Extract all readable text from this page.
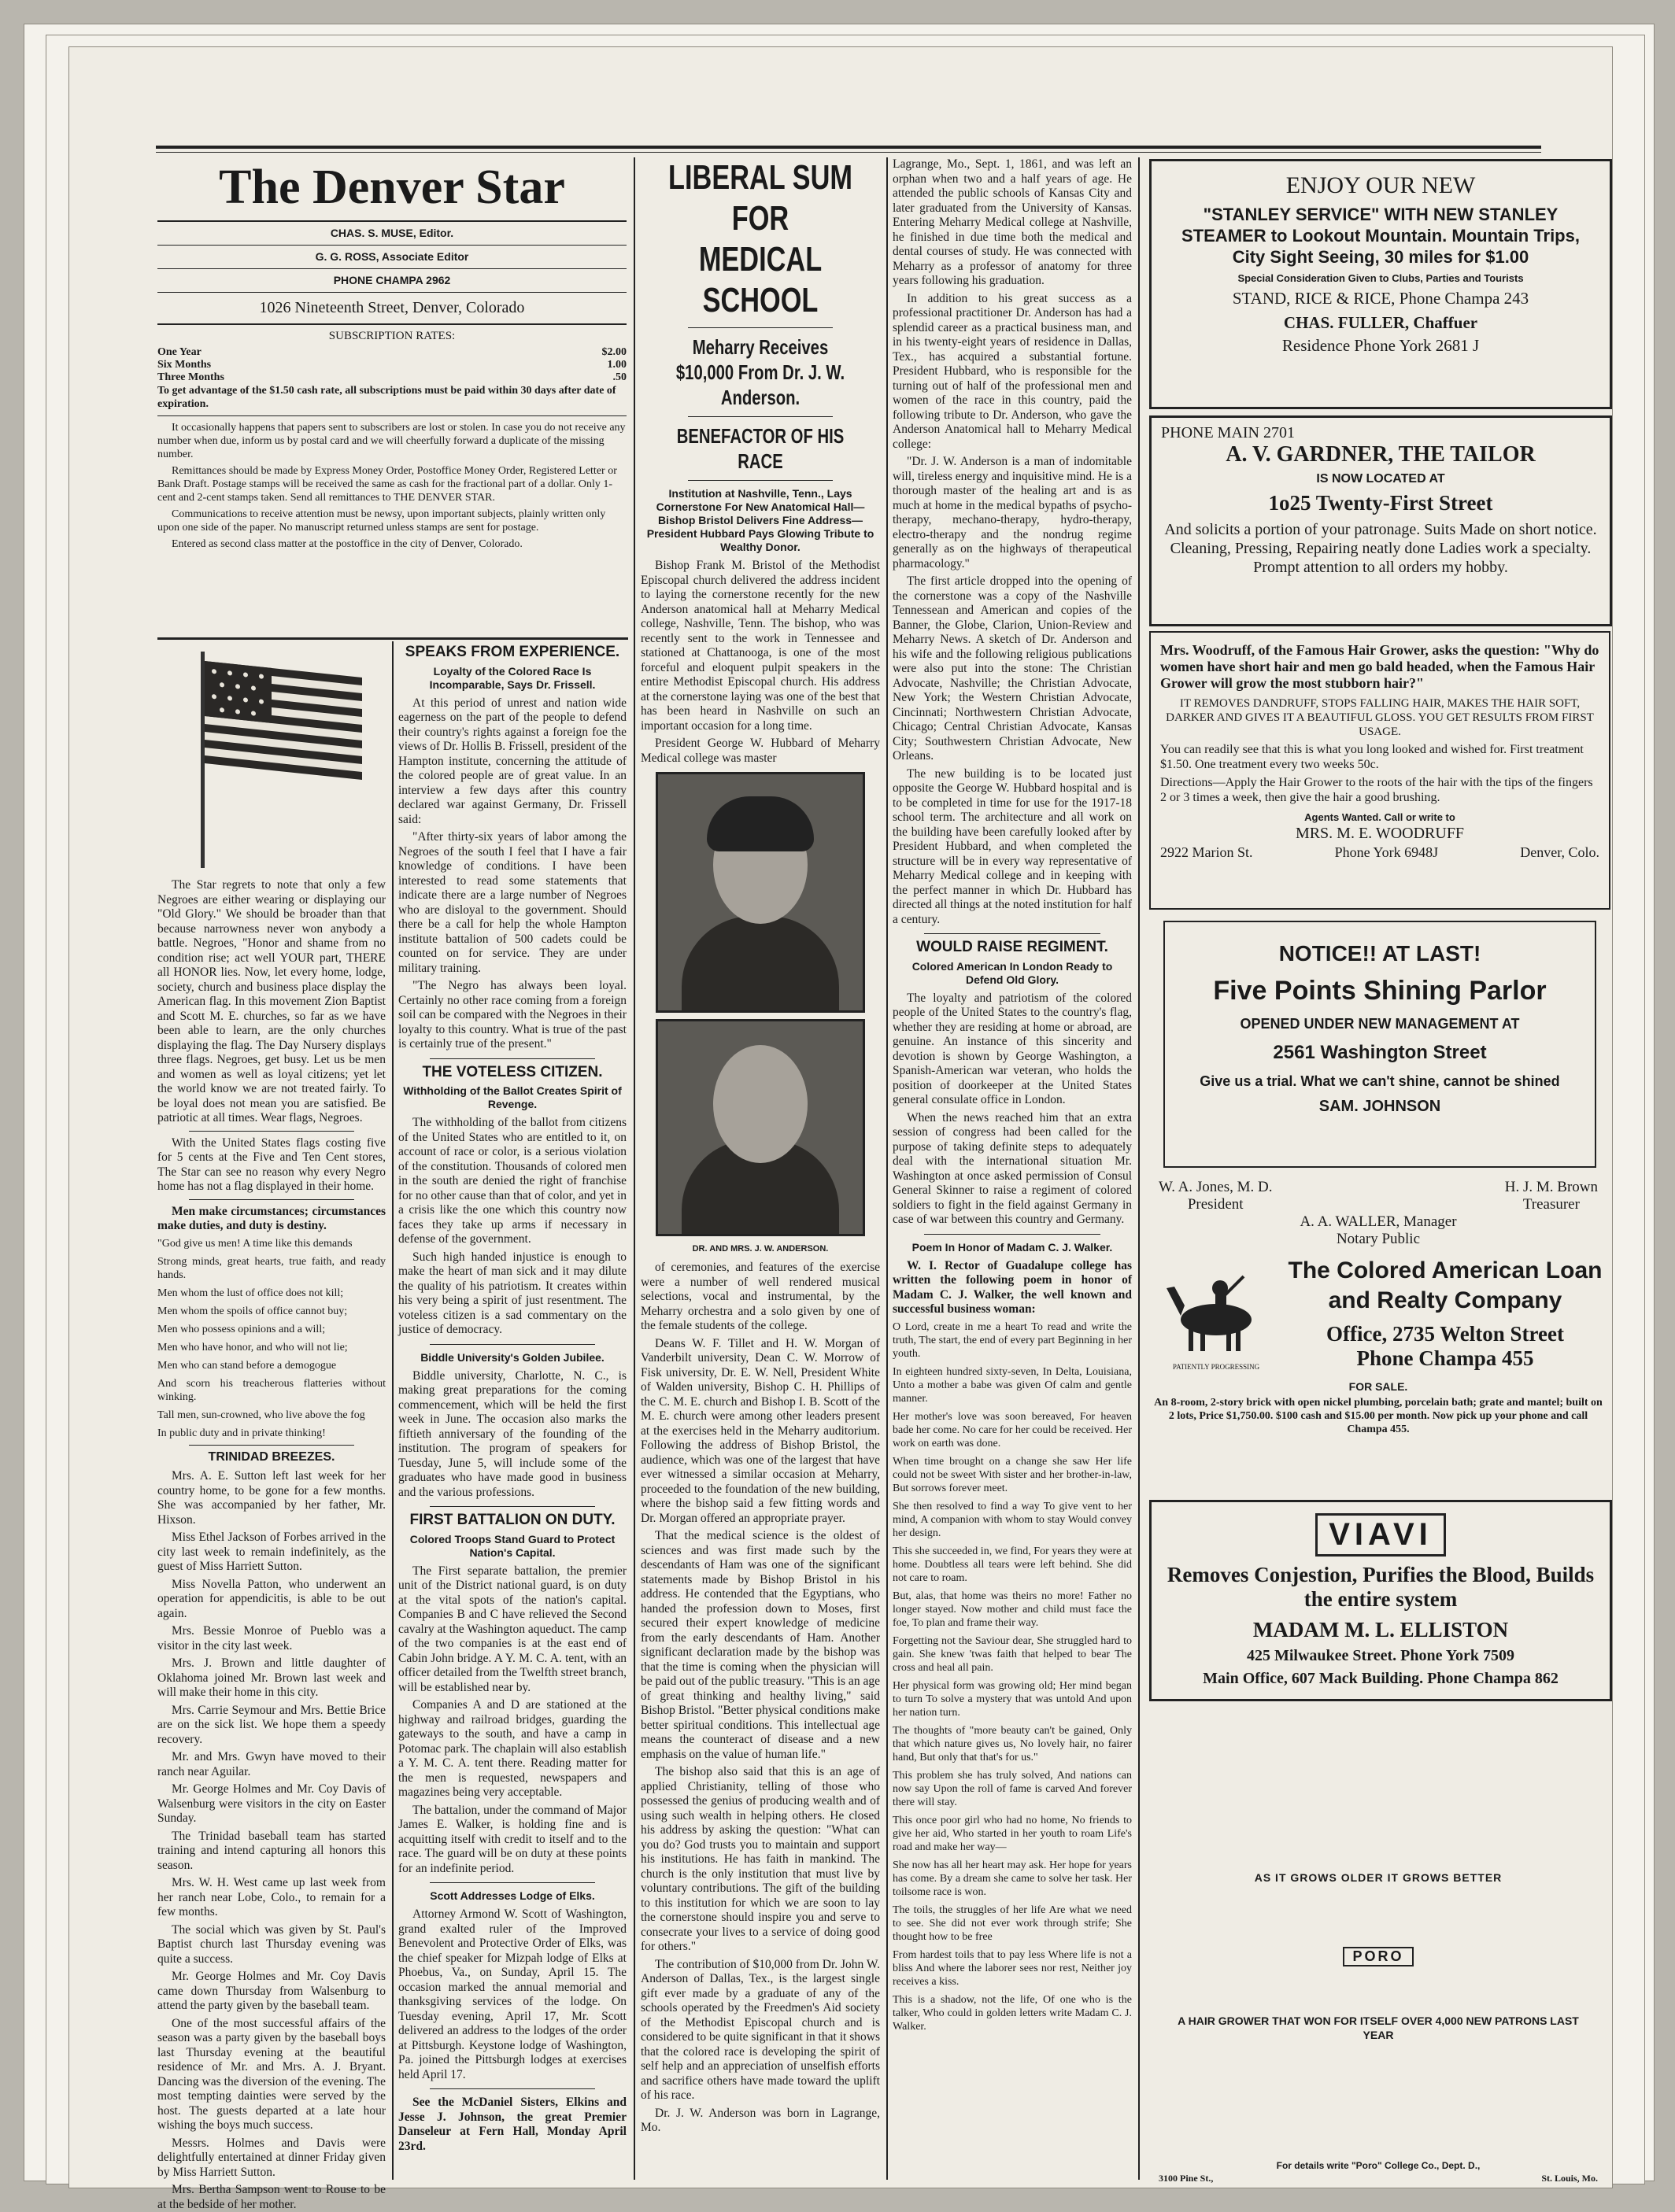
The Denver Star
CHAS. S. MUSE, Editor.
G. G. ROSS, Associate Editor
PHONE CHAMPA 2962
1026 Nineteenth Street, Denver, Colorado
SUBSCRIPTION RATES:
One Year	$2.00
Six Months	1.00
Three Months	.50
To get advantage of the $1.50 cash rate, all subscriptions must be paid within 30 days after date of expiration.

It occasionally happens that papers sent to subscribers are lost or stolen. In case you do not receive any number when due, inform us by postal card and we will cheerfully forward a duplicate of the missing number.

Remittances should be made by Express Money Order, Postoffice Money Order, Registered Letter or Bank Draft. Postage stamps will be received the same as cash for the fractional part of a dollar. Only 1-cent and 2-cent stamps taken. Send all remittances to THE DENVER STAR.

Communications to receive attention must be newsy, upon important subjects, plainly written only upon one side of the paper. No manuscript returned unless stamps are sent for postage.

Entered as second class matter at the postoffice in the city of Denver, Colorado.

The Star regrets to note that only a few Negroes are either wearing or displaying our "Old Glory." We should be broader than that because narrowness never won anybody a battle. Negroes, "Honor and shame from no condition rise; act well YOUR part, THERE all HONOR lies. Now, let every home, lodge, society, church and business place display the American flag. In this movement Zion Baptist and Scott M. E. churches, so far as we have been able to learn, are the only churches displaying the flag. The Day Nursery displays three flags. Negroes, get busy. Let us be men and women as well as loyal citizens; yet let the world know we are not treated fairly. To be loyal does not mean you are satisfied. Be patriotic at all times. Wear flags, Negroes.

With the United States flags costing five for 5 cents at the Five and Ten Cent stores, The Star can see no reason why every Negro home has not a flag displayed in their home.

Men make circumstances; circumstances make duties, and duty is destiny.

"God give us men! A time like this demands

Strong minds, great hearts, true faith, and ready hands.

Men whom the lust of office does not kill;

Men whom the spoils of office cannot buy;

Men who possess opinions and a will;

Men who have honor, and who will not lie;

Men who can stand before a demogogue

And scorn his treacherous flatteries without winking.

Tall men, sun-crowned, who live above the fog

In public duty and in private thinking!

TRINIDAD BREEZES.

Mrs. A. E. Sutton left last week for her country home, to be gone for a few months. She was accompanied by her father, Mr. Hixson.

Miss Ethel Jackson of Forbes arrived in the city last week to remain indefinitely, as the guest of Miss Harriett Sutton.

Miss Novella Patton, who underwent an operation for appendicitis, is able to be out again.

Mrs. Bessie Monroe of Pueblo was a visitor in the city last week.

Mrs. J. Brown and little daughter of Oklahoma joined Mr. Brown last week and will make their home in this city.

Mrs. Carrie Seymour and Mrs. Bettie Brice are on the sick list. We hope them a speedy recovery.

Mr. and Mrs. Gwyn have moved to their ranch near Aguilar.

Mr. George Holmes and Mr. Coy Davis of Walsenburg were visitors in the city on Easter Sunday.

The Trinidad baseball team has started training and intend capturing all honors this season.

Mrs. W. H. West came up last week from her ranch near Lobe, Colo., to remain for a few months.

The social which was given by St. Paul's Baptist church last Thursday evening was quite a success.

Mr. George Holmes and Mr. Coy Davis came down Thursday from Walsenburg to attend the party given by the baseball team.

One of the most successful affairs of the season was a party given by the baseball boys last Thursday evening at the beautiful residence of Mr. and Mrs. A. J. Bryant. Dancing was the diversion of the evening. The most tempting dainties were served by the host. The guests departed at a late hour wishing the boys much success.

Messrs. Holmes and Davis were delightfully entertained at dinner Friday given by Miss Harriett Sutton.

Mrs. Bertha Sampson went to Rouse to be at the bedside of her mother.

SPEAKS FROM EXPERIENCE.
Loyalty of the Colored Race Is Incomparable, Says Dr. Frissell.

At this period of unrest and nation wide eagerness on the part of the people to defend their country's rights against a foreign foe the views of Dr. Hollis B. Frissell, president of the Hampton institute, concerning the attitude of the colored people are of great value. In an interview a few days after this country declared war against Germany, Dr. Frissell said:

"After thirty-six years of labor among the Negroes of the south I feel that I have a fair knowledge of conditions. I have been interested to read some statements that indicate there are a large number of Negroes who are disloyal to the government. Should there be a call for help the whole Hampton institute battalion of 500 cadets could be counted on for service. They are under military training.

"The Negro has always been loyal. Certainly no other race coming from a foreign soil can be compared with the Negroes in their loyalty to this country. What is true of the past is certainly true of the present."

THE VOTELESS CITIZEN.
Withholding of the Ballot Creates Spirit of Revenge.

The withholding of the ballot from citizens of the United States who are entitled to it, on account of race or color, is a serious violation of the constitution. Thousands of colored men in the south are denied the right of franchise for no other cause than that of color, and yet in a crisis like the one which this country now faces they take up arms if necessary in defense of the government.

Such high handed injustice is enough to make the heart of man sick and it may dilute the quality of his patriotism. It creates within his very being a spirit of just resentment. The voteless citizen is a sad commentary on the justice of democracy.

Biddle University's Golden Jubilee.

Biddle university, Charlotte, N. C., is making great preparations for the coming commencement, which will be held the first week in June. The occasion also marks the fiftieth anniversary of the founding of the institution. The program of speakers for Tuesday, June 5, will include some of the graduates who have made good in business and the various professions.

FIRST BATTALION ON DUTY.
Colored Troops Stand Guard to Protect Nation's Capital.

The First separate battalion, the premier unit of the District national guard, is on duty at the vital spots of the nation's capital. Companies B and C have relieved the Second cavalry at the Washington aqueduct. The camp of the two companies is at the east end of Cabin John bridge. A Y. M. C. A. tent, with an officer detailed from the Twelfth street branch, will be established near by.

Companies A and D are stationed at the highway and railroad bridges, guarding the gateways to the south, and have a camp in Potomac park. The chaplain will also establish a Y. M. C. A. tent there. Reading matter for the men is requested, newspapers and magazines being very acceptable.

The battalion, under the command of Major James E. Walker, is holding fine and is acquitting itself with credit to itself and to the race. The guard will be on duty at these points for an indefinite period.

Scott Addresses Lodge of Elks.

Attorney Armond W. Scott of Washington, grand exalted ruler of the Improved Benevolent and Protective Order of Elks, was the chief speaker for Mizpah lodge of Elks at Phoebus, Va., on Sunday, April 15. The occasion marked the annual memorial and thanksgiving services of the lodge. On Tuesday evening, April 17, Mr. Scott delivered an address to the lodges of the order at Pittsburgh. Keystone lodge of Washington, Pa. joined the Pittsburgh lodges at exercises held April 17.

See the McDaniel Sisters, Elkins and Jesse J. Johnson, the great Premier Danseleur at Fern Hall, Monday April 23rd.

LIBERAL SUM FOR MEDICAL SCHOOL
Meharry Receives $10,000 From Dr. J. W. Anderson.
BENEFACTOR OF HIS RACE
Institution at Nashville, Tenn., Lays Cornerstone For New Anatomical Hall—Bishop Bristol Delivers Fine Address—President Hubbard Pays Glowing Tribute to Wealthy Donor.

Bishop Frank M. Bristol of the Methodist Episcopal church delivered the address incident to laying the cornerstone recently for the new Anderson anatomical hall at Meharry Medical college, Nashville, Tenn. The bishop, who was recently sent to the work in Tennessee and stationed at Chattanooga, is one of the most forceful and eloquent pulpit speakers in the entire Methodist Episcopal church. His address at the cornerstone laying was one of the best that has been heard in Nashville on such an important occasion for a long time.

President George W. Hubbard of Meharry Medical college was master

DR. AND MRS. J. W. ANDERSON.

of ceremonies, and features of the exercise were a number of well rendered musical selections, vocal and instrumental, by the Meharry orchestra and a solo given by one of the female students of the college.

Deans W. F. Tillet and H. W. Morgan of Vanderbilt university, Dean C. W. Morrow of Fisk university, Dr. E. W. Nell, President White of Walden university, Bishop C. H. Phillips of the C. M. E. church and Bishop I. B. Scott of the M. E. church were among other leaders present at the exercises held in the Meharry auditorium. Following the address of Bishop Bristol, the audience, which was one of the largest that have ever witnessed a similar occasion at Meharry, proceeded to the foundation of the new building, where the bishop said a few fitting words and Dr. Morgan offered an appropriate prayer.

That the medical science is the oldest of sciences and was first made such by the descendants of Ham was one of the significant statements made by Bishop Bristol in his address. He contended that the Egyptians, who handed the profession down to Moses, first secured their expert knowledge of medicine from the early descendants of Ham. Another significant declaration made by the bishop was that the time is coming when the physician will be paid out of the public treasury. "This is an age of great thinking and healthy living," said Bishop Bristol. "Better physical conditions make better spiritual conditions. This intellectual age means the counteract of disease and a new emphasis on the value of human life."

The bishop also said that this is an age of applied Christianity, telling of those who possessed the genius of producing wealth and of using such wealth in helping others. He closed his address by asking the question: "What can you do? God trusts you to maintain and support his institutions. He has faith in mankind. The church is the only institution that must live by voluntary contributions. The gift of the building to this institution for which we are soon to lay the cornerstone should inspire you and serve to consecrate your lives to a service of doing good for others."

The contribution of $10,000 from Dr. John W. Anderson of Dallas, Tex., is the largest single gift ever made by a graduate of any of the schools operated by the Freedmen's Aid society of the Methodist Episcopal church and is considered to be quite significant in that it shows that the colored race is developing the spirit of self help and an appreciation of unselfish efforts and sacrifice others have made toward the uplift of his race.

Dr. J. W. Anderson was born in Lagrange, Mo.

Lagrange, Mo., Sept. 1, 1861, and was left an orphan when two and a half years of age. He attended the public schools of Kansas City and later graduated from the University of Kansas. Entering Meharry Medical college at Nashville, he finished in due time both the medical and dental courses of study. He was connected with Meharry as a professor of anatomy for three years following his graduation.

In addition to his great success as a professional practitioner Dr. Anderson has had a splendid career as a practical business man, and in his twenty-eight years of residence in Dallas, Tex., has acquired a substantial fortune. President Hubbard, who is responsible for the turning out of half of the professional men and women of the race in this country, paid the following tribute to Dr. Anderson, who gave the Anderson Anatomical hall to Meharry Medical college:

"Dr. J. W. Anderson is a man of indomitable will, tireless energy and inquisitive mind. He is a thorough master of the healing art and is as much at home in the medical bypaths of psycho-therapy, mechano-therapy, hydro-therapy, electro-therapy and the nondrug regime generally as on the highways of therapeutical pharmacology."

The first article dropped into the opening of the cornerstone was a copy of the Nashville Tennessean and American and copies of the Banner, the Globe, Clarion, Union-Review and Meharry News. A sketch of Dr. Anderson and his wife and the following religious publications were also put into the stone: The Christian Advocate, Nashville; the Christian Advocate, New York; the Western Christian Advocate, Cincinnati; Northwestern Christian Advocate, Chicago; Central Christian Advocate, Kansas City; Southwestern Christian Advocate, New Orleans.

The new building is to be located just opposite the George W. Hubbard hospital and is to be completed in time for use for the 1917-18 school term. The architecture and all work on the building have been carefully looked after by President Hubbard, and when completed the structure will be in every way representative of Meharry Medical college and in keeping with the perfect manner in which Dr. Hubbard has directed all things at the noted institution for half a century.

WOULD RAISE REGIMENT.
Colored American In London Ready to Defend Old Glory.

The loyalty and patriotism of the colored people of the United States to the country's flag, whether they are residing at home or abroad, are genuine. An instance of this sincerity and devotion is shown by George Washington, a Spanish-American war veteran, who holds the position of doorkeeper at the United States general consulate office in London.

When the news reached him that an extra session of congress had been called for the purpose of taking definite steps to adequately deal with the international situation Mr. Washington at once asked permission of Consul General Skinner to raise a regiment of colored soldiers to fight in the field against Germany in case of war between this country and Germany.

Poem In Honor of Madam C. J. Walker.

W. I. Rector of Guadalupe college has written the following poem in honor of Madam C. J. Walker, the well known and successful business woman:

O Lord, create in me a heart To read and write the truth, The start, the end of every part Beginning in her youth.

In eighteen hundred sixty-seven, In Delta, Louisiana, Unto a mother a babe was given Of calm and gentle manner.

Her mother's love was soon bereaved, For heaven bade her come. No care for her could be received. Her work on earth was done.

When time brought on a change she saw Her life could not be sweet With sister and her brother-in-law, But sorrows forever meet.

She then resolved to find a way To give vent to her mind, A companion with whom to stay Would convey her design.

This she succeeded in, we find, For years they were at home. Doubtless all tears were left behind. She did not care to roam.

But, alas, that home was theirs no more! Father no longer stayed. Now mother and child must face the foe, To plan and frame their way.

Forgetting not the Saviour dear, She struggled hard to gain. She knew 'twas faith that helped to bear The cross and heal all pain.

Her physical form was growing old; Her mind began to turn To solve a mystery that was untold And upon her nation turn.

The thoughts of "more beauty can't be gained, Only that which nature gives us, No lovely hair, no fairer hand, But only that that's for us."

This problem she has truly solved, And nations can now say Upon the roll of fame is carved And forever there will stay.

This once poor girl who had no home, No friends to give her aid, Who started in her youth to roam Life's road and make her way—

She now has all her heart may ask. Her hope for years has come. By a dream she came to solve her task. Her toilsome race is won.

The toils, the struggles of her life Are what we need to see. She did not ever work through strife; She thought how to be free

From hardest toils that to pay less Where life is not a bliss And where the laborer sees nor rest, Neither joy receives a kiss.

This is a shadow, not the life, Of one who is the talker, Who could in golden letters write Madam C. J. Walker.

ENJOY OUR NEW
"STANLEY SERVICE" WITH NEW STANLEY STEAMER to Lookout Mountain. Mountain Trips, City Sight Seeing, 30 miles for $1.00
Special Consideration Given to Clubs, Parties and Tourists
STAND, RICE & RICE, Phone Champa 243
CHAS. FULLER, Chaffuer
Residence Phone York 2681 J
PHONE MAIN 2701
A. V. GARDNER, THE TAILOR
IS NOW LOCATED AT
1o25 Twenty-First Street
And solicits a portion of your patronage. Suits Made on short notice. Cleaning, Pressing, Repairing neatly done Ladies work a specialty. Prompt attention to all orders my hobby.
Mrs. Woodruff, of the Famous Hair Grower, asks the question: "Why do women have short hair and men go bald headed, when the Famous Hair Grower will grow the most stubborn hair?"
IT REMOVES DANDRUFF, STOPS FALLING HAIR, MAKES THE HAIR SOFT, DARKER AND GIVES IT A BEAUTIFUL GLOSS. YOU GET RESULTS FROM FIRST USAGE.
You can readily see that this is what you long looked and wished for. First treatment $1.50. One treatment every two weeks 50c.
Directions—Apply the Hair Grower to the roots of the hair with the tips of the fingers 2 or 3 times a week, then give the hair a good brushing.
Agents Wanted. Call or write to
MRS. M. E. WOODRUFF
2922 Marion St.	Phone York 6948J	Denver, Colo.
NOTICE!! AT LAST!
Five Points Shining Parlor
OPENED UNDER NEW MANAGEMENT AT
2561 Washington Street
Give us a trial. What we can't shine, cannot be shined
SAM. JOHNSON
W. A. Jones, M. D.
President
H. J. M. Brown
Treasurer
A. A. WALLER, Manager
Notary Public
PATIENTLY PROGRESSING
The Colored American Loan and Realty Company
Office, 2735 Welton Street
Phone Champa 455
FOR SALE.
An 8-room, 2-story brick with open nickel plumbing, porcelain bath; grate and mantel; built on 2 lots, Price $1,750.00. $100 cash and $15.00 per month. Now pick up your phone and call Champa 455.
VIAVI
Removes Conjestion, Purifies the Blood, Builds the entire system
MADAM M. L. ELLISTON
425 Milwaukee Street. Phone York 7509
Main Office, 607 Mack Building. Phone Champa 862
AS IT GROWS OLDER IT GROWS BETTER
PORO
A HAIR GROWER THAT WON FOR ITSELF OVER 4,000 NEW PATRONS LAST YEAR
For details write "Poro" College Co., Dept. D.,
3100 Pine St.,	St. Louis, Mo.
